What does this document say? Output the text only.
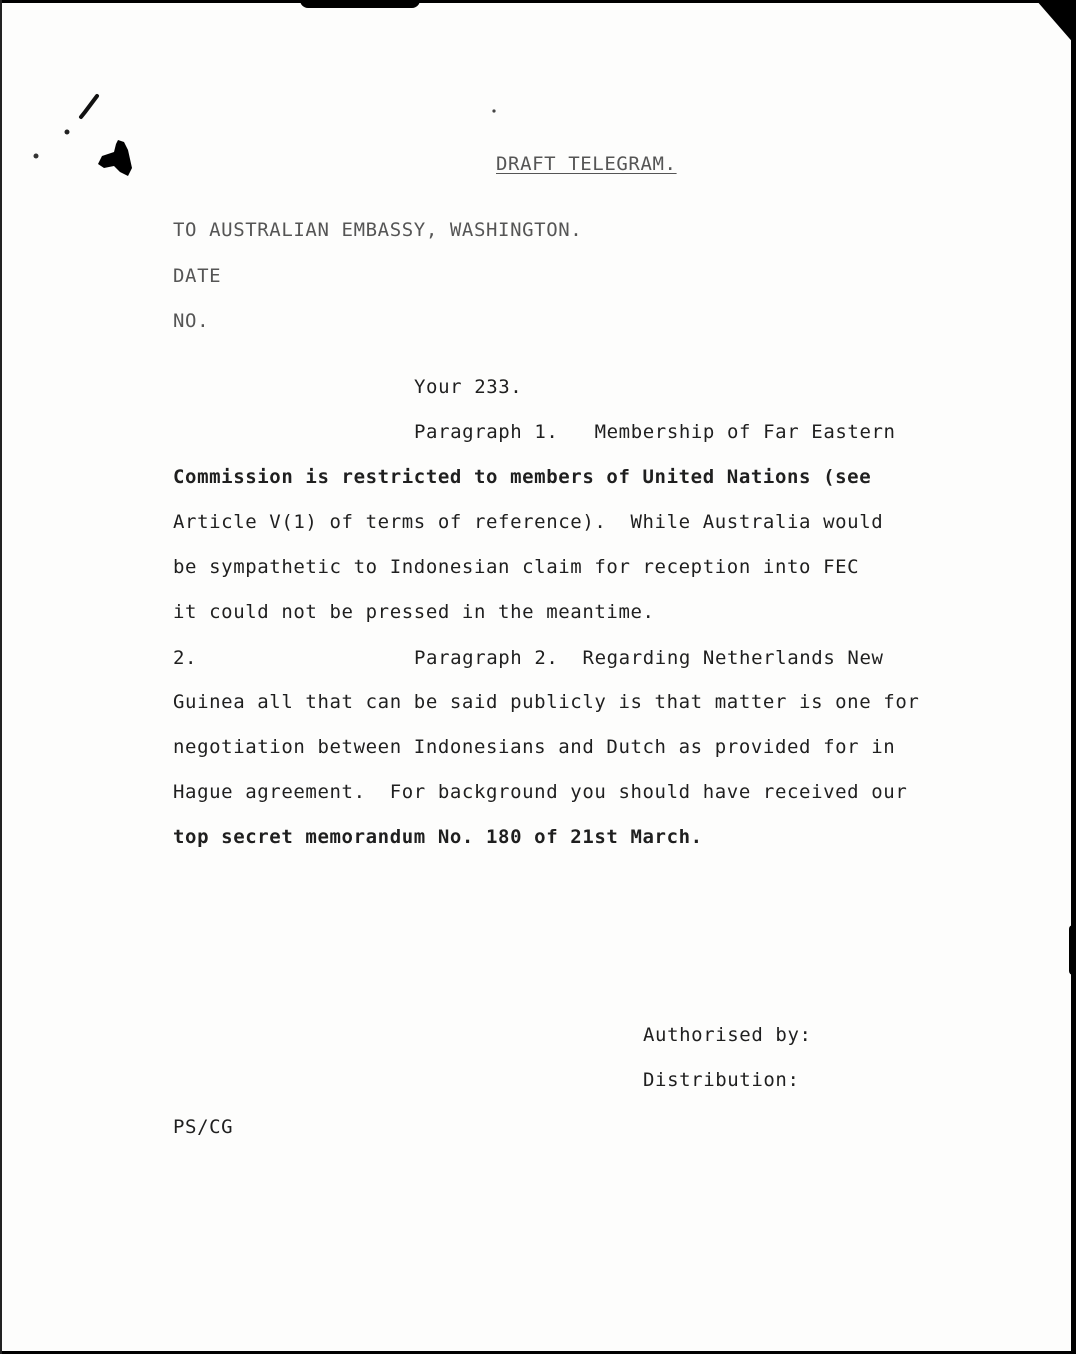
DRAFT TELEGRAM.

TO AUSTRALIAN EMBASSY, WASHINGTON.

DATE

NO.

Your 233.

Paragraph 1.   Membership of Far Eastern

Commission is restricted to members of United Nations (see

Article V(1) of terms of reference).  While Australia would

be sympathetic to Indonesian claim for reception into FEC

it could not be pressed in the meantime.

2.	Paragraph 2.  Regarding Netherlands New

Guinea all that can be said publicly is that matter is one for

negotiation between Indonesians and Dutch as provided for in

Hague agreement.  For background you should have received our

top secret memorandum No. 180 of 21st March.

Authorised by:

Distribution:

PS/CG
